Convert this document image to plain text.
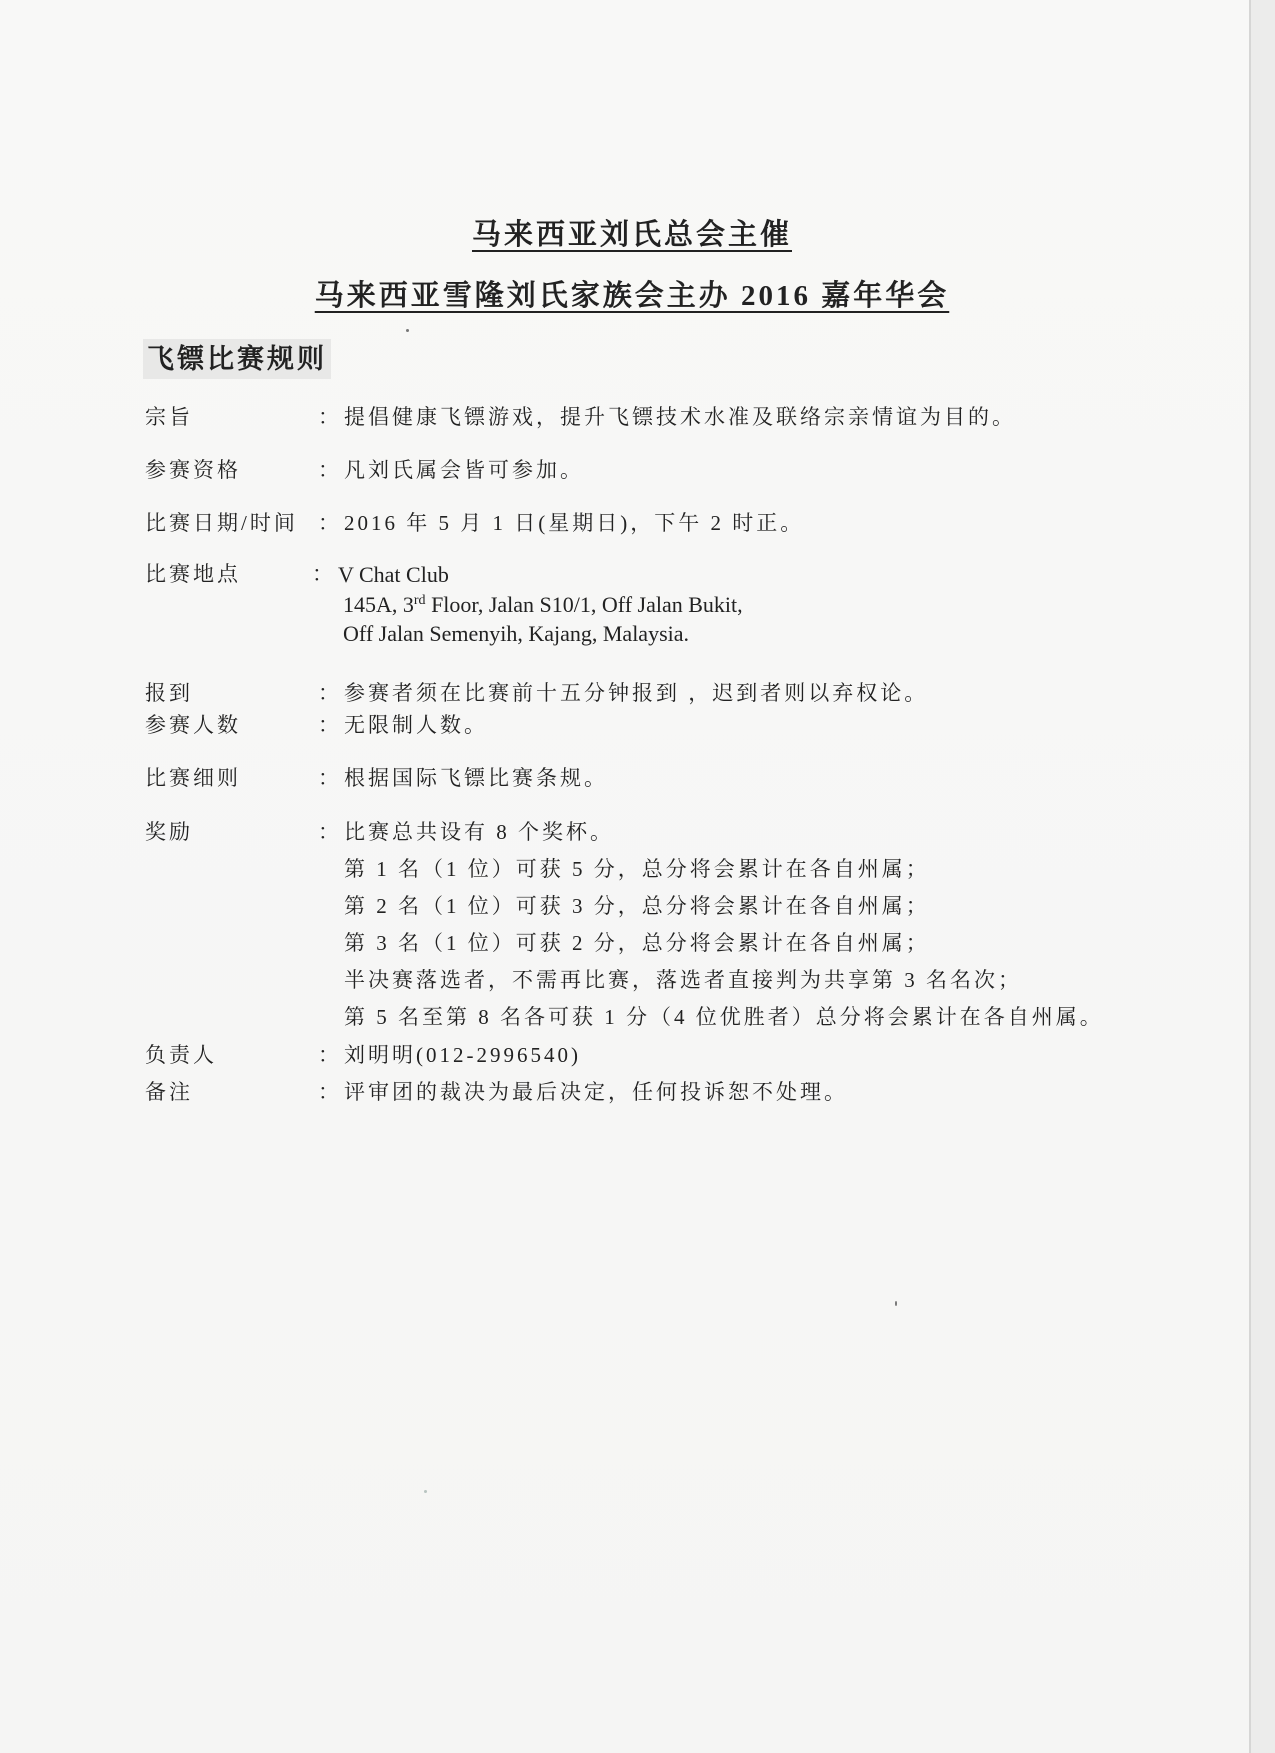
马来西亚刘氏总会主催
马来西亚雪隆刘氏家族会主办 2016 嘉年华会
飞镖比赛规则
宗旨	： 提倡健康飞镖游戏，提升飞镖技术水准及联络宗亲情谊为目的。
参赛资格	： 凡刘氏属会皆可参加。
比赛日期/时间 ： 2016 年 5 月 1 日(星期日)，下午 2 时正。
比赛地点	： V Chat Club
145A, 3rd Floor, Jalan S10/1, Off Jalan Bukit,
Off Jalan Semenyih, Kajang, Malaysia.
报到	： 参赛者须在比赛前十五分钟报到 ，迟到者则以弃权论。
参赛人数	： 无限制人数。
比赛细则	： 根据国际飞镖比赛条规。
奖励	： 比赛总共设有 8 个奖杯。
第 1 名（1 位）可获 5 分，总分将会累计在各自州属；
第 2 名（1 位）可获 3 分，总分将会累计在各自州属；
第 3 名（1 位）可获 2 分，总分将会累计在各自州属；
半决赛落选者，不需再比赛，落选者直接判为共享第 3 名名次；
第 5 名至第 8 名各可获 1 分（4 位优胜者）总分将会累计在各自州属。
负责人	： 刘明明(012-2996540)
备注	： 评审团的裁决为最后决定，任何投诉恕不处理。
